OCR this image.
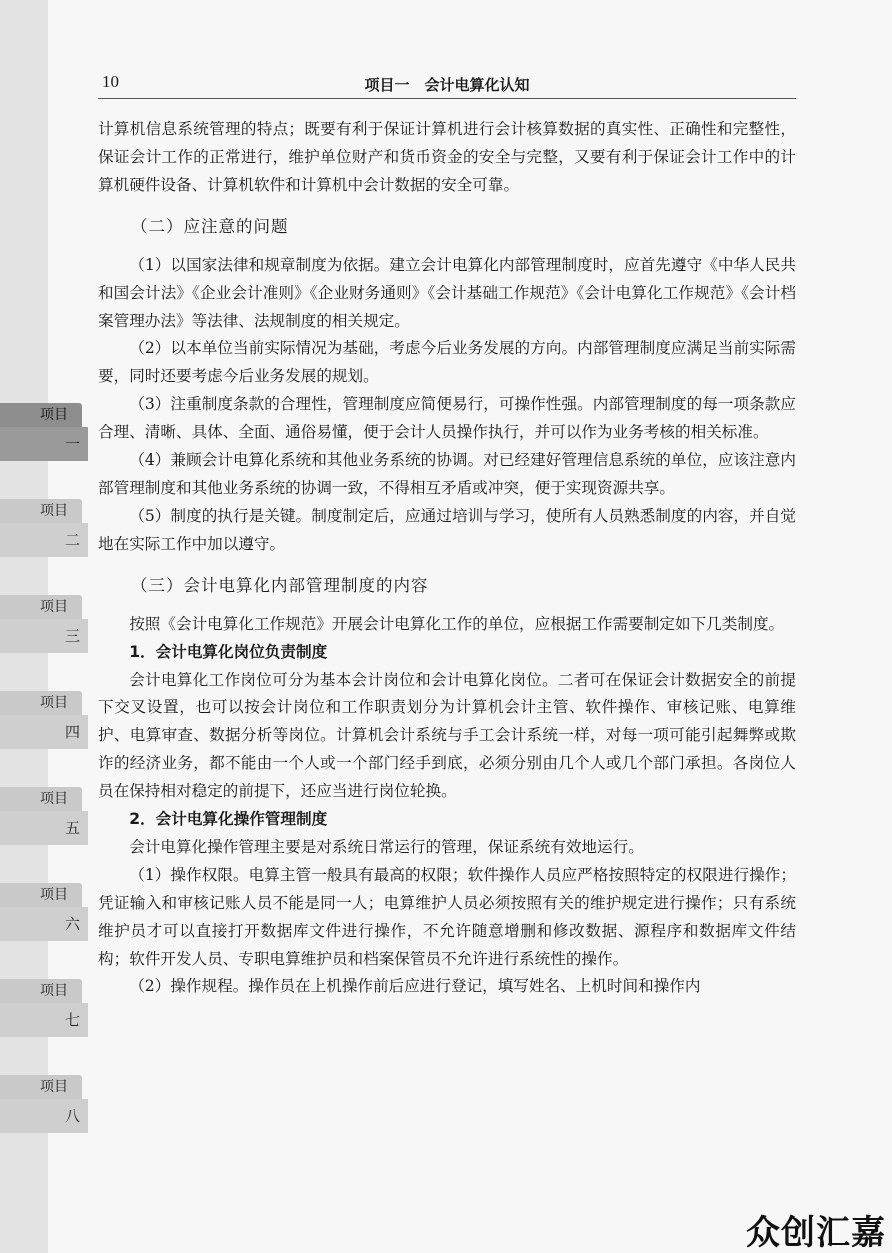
项目
一
项目
二
项目
三
项目
四
项目
五
项目
六
项目
七
项目
八
10	项目一　会计电算化认知

计算机信息系统管理的特点；既要有利于保证计算机进行会计核算数据的真实性、正确性和完整性，保证会计工作的正常进行，维护单位财产和货币资金的安全与完整，又要有利于保证会计工作中的计算机硬件设备、计算机软件和计算机中会计数据的安全可靠。

（二）应注意的问题

（1）以国家法律和规章制度为依据。建立会计电算化内部管理制度时，应首先遵守《中华人民共和国会计法》《企业会计准则》《企业财务通则》《会计基础工作规范》《会计电算化工作规范》《会计档案管理办法》等法律、法规制度的相关规定。

（2）以本单位当前实际情况为基础，考虑今后业务发展的方向。内部管理制度应满足当前实际需要，同时还要考虑今后业务发展的规划。

（3）注重制度条款的合理性，管理制度应简便易行，可操作性强。内部管理制度的每一项条款应合理、清晰、具体、全面、通俗易懂，便于会计人员操作执行，并可以作为业务考核的相关标准。

（4）兼顾会计电算化系统和其他业务系统的协调。对已经建好管理信息系统的单位，应该注意内部管理制度和其他业务系统的协调一致，不得相互矛盾或冲突，便于实现资源共享。

（5）制度的执行是关键。制度制定后，应通过培训与学习，使所有人员熟悉制度的内容，并自觉地在实际工作中加以遵守。

（三）会计电算化内部管理制度的内容

按照《会计电算化工作规范》开展会计电算化工作的单位，应根据工作需要制定如下几类制度。

1．会计电算化岗位负责制度

会计电算化工作岗位可分为基本会计岗位和会计电算化岗位。二者可在保证会计数据安全的前提下交叉设置，也可以按会计岗位和工作职责划分为计算机会计主管、软件操作、审核记账、电算维护、电算审查、数据分析等岗位。计算机会计系统与手工会计系统一样，对每一项可能引起舞弊或欺诈的经济业务，都不能由一个人或一个部门经手到底，必须分别由几个人或几个部门承担。各岗位人员在保持相对稳定的前提下，还应当进行岗位轮换。

2．会计电算化操作管理制度

会计电算化操作管理主要是对系统日常运行的管理，保证系统有效地运行。

（1）操作权限。电算主管一般具有最高的权限；软件操作人员应严格按照特定的权限进行操作；凭证输入和审核记账人员不能是同一人；电算维护人员必须按照有关的维护规定进行操作；只有系统维护员才可以直接打开数据库文件进行操作，不允许随意增删和修改数据、源程序和数据库文件结构；软件开发人员、专职电算维护员和档案保管员不允许进行系统性的操作。

（2）操作规程。操作员在上机操作前后应进行登记，填写姓名、上机时间和操作内

众创汇嘉
